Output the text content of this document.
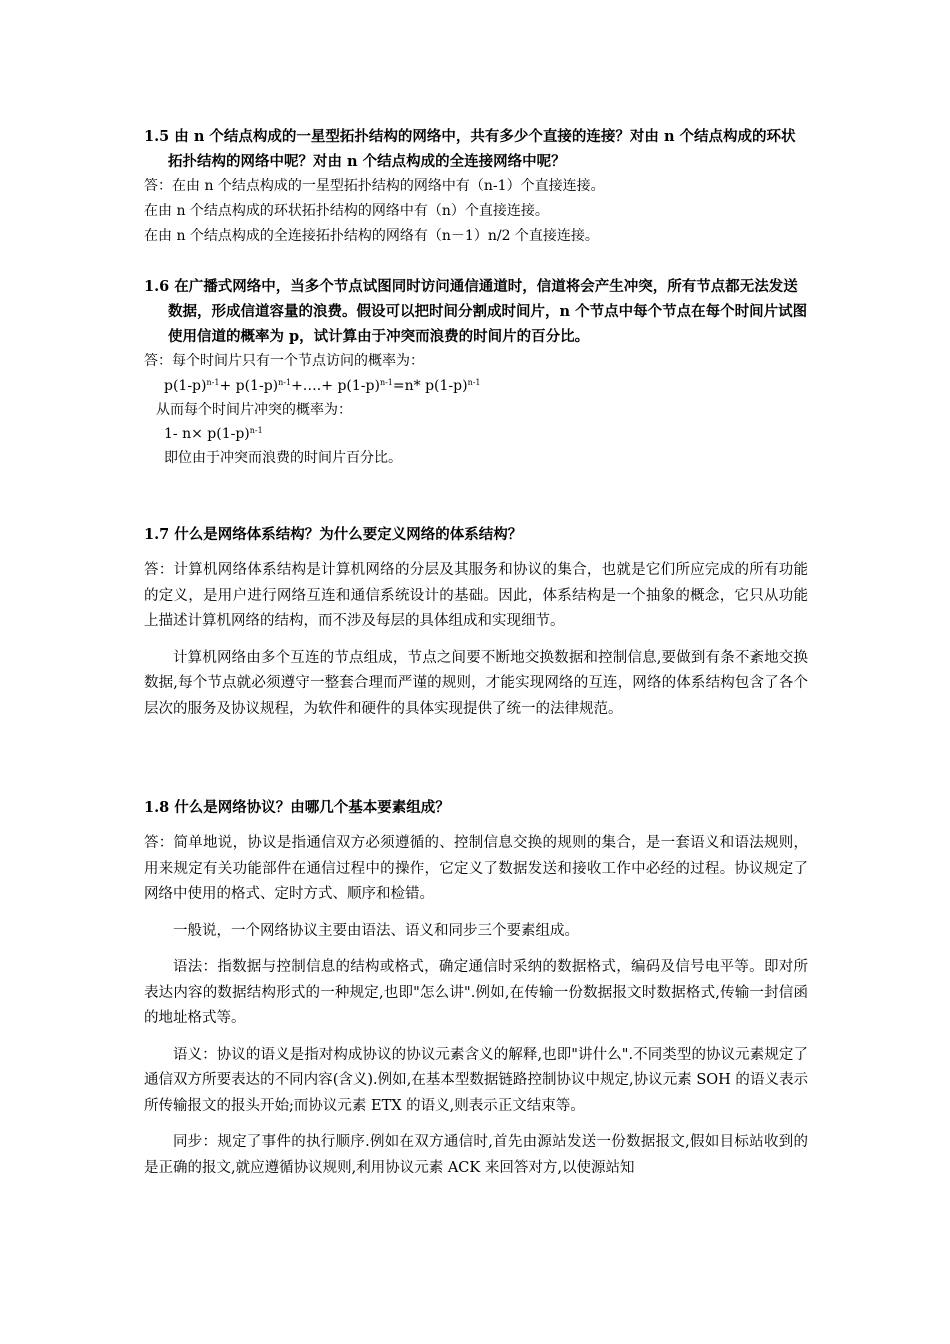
1.5 由 n 个结点构成的一星型拓扑结构的网络中，共有多少个直接的连接？对由 n 个结点构成的环状拓扑结构的网络中呢？对由 n 个结点构成的全连接网络中呢？

答：在由 n 个结点构成的一星型拓扑结构的网络中有（n-1）个直接连接。

在由 n 个结点构成的环状拓扑结构的网络中有（n）个直接连接。

在由 n 个结点构成的全连接拓扑结构的网络有（n－1）n/2 个直接连接。

1.6 在广播式网络中，当多个节点试图同时访问通信通道时，信道将会产生冲突，所有节点都无法发送数据，形成信道容量的浪费。假设可以把时间分割成时间片，n 个节点中每个节点在每个时间片试图使用信道的概率为 p，试计算由于冲突而浪费的时间片的百分比。

答：每个时间片只有一个节点访问的概率为：

$p(1-p)^{n-1}+$ $p(1-p)^{n-1}+\dots.+ p(1-p)^{n-1}=n*$ $p(1-p)^{n-1}$

从而每个时间片冲突的概率为：

1- $n\times p(1-p)^{n-1}$

即位由于冲突而浪费的时间片百分比。

1.7 什么是网络体系结构？为什么要定义网络的体系结构？

答：计算机网络体系结构是计算机网络的分层及其服务和协议的集合，也就是它们所应完成的所有功能的定义，是用户进行网络互连和通信系统设计的基础。因此，体系结构是一个抽象的概念，它只从功能上描述计算机网络的结构，而不涉及每层的具体组成和实现细节。

计算机网络由多个互连的节点组成，节点之间要不断地交换数据和控制信息,要做到有条不紊地交换数据,每个节点就必须遵守一整套合理而严谨的规则，才能实现网络的互连，网络的体系结构包含了各个层次的服务及协议规程，为软件和硬件的具体实现提供了统一的法律规范。

1.8 什么是网络协议？由哪几个基本要素组成？

答：简单地说，协议是指通信双方必须遵循的、控制信息交换的规则的集合，是一套语义和语法规则，用来规定有关功能部件在通信过程中的操作，它定义了数据发送和接收工作中必经的过程。协议规定了网络中使用的格式、定时方式、顺序和检错。

一般说，一个网络协议主要由语法、语义和同步三个要素组成。

语法：指数据与控制信息的结构或格式，确定通信时采纳的数据格式，编码及信号电平等。即对所表达内容的数据结构形式的一种规定,也即"怎么讲".例如,在传输一份数据报文时数据格式,传输一封信函的地址格式等。

语义：协议的语义是指对构成协议的协议元素含义的解释,也即"讲什么".不同类型的协议元素规定了通信双方所要表达的不同内容(含义).例如,在基本型数据链路控制协议中规定,协议元素 SOH 的语义表示所传输报文的报头开始;而协议元素 ETX 的语义,则表示正文结束等。

同步：规定了事件的执行顺序.例如在双方通信时,首先由源站发送一份数据报文,假如目标站收到的是正确的报文,就应遵循协议规则,利用协议元素 ACK 来回答对方,以使源站知
